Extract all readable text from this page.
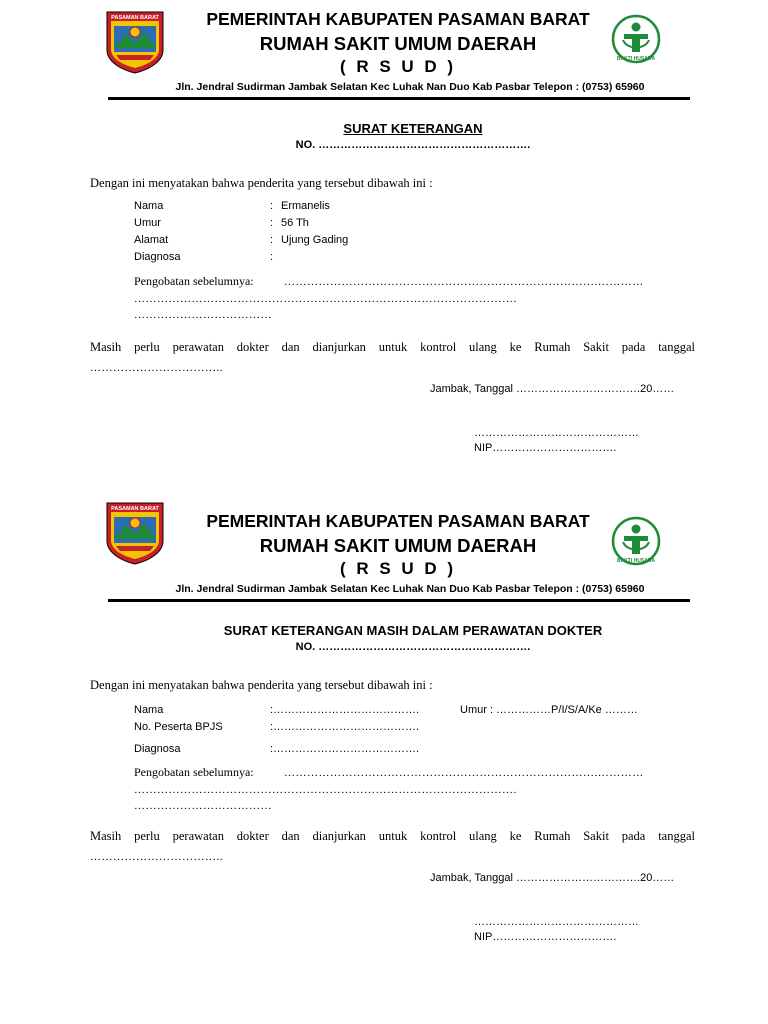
PASAMAN BARAT	PEMERINTAH KABUPATEN PASAMAN BARAT
RUMAH SAKIT UMUM DAERAH
( R S U D )	BAKTI HUSADA
Jln. Jendral Sudirman Jambak Selatan Kec Luhak Nan Duo Kab Pasbar Telepon : (0753) 65960
SURAT KETERANGAN
NO. ………………………………………………….
Dengan ini menyatakan bahwa penderita yang tersebut dibawah ini :
Nama	: Ermanelis
Umur	: 56 Th
Alamat	: Ujung Gading
Diagnosa	:
Pengobatan sebelumnya:	……………………………………………………………………….…………
……………………………………………………………………………………….
………………………………
Masih perlu perawatan dokter dan dianjurkan untuk kontrol ulang ke Rumah Sakit pada tanggal
……………………………..
Jambak, Tanggal …………………………….20……
………………………………………
NIP…………………………….
PASAMAN BARAT
PEMERINTAH KABUPATEN PASAMAN BARAT
RUMAH SAKIT UMUM DAERAH
( R S U D )	BAKTI HUSADA
Jln. Jendral Sudirman Jambak Selatan Kec Luhak Nan Duo Kab Pasbar Telepon : (0753) 65960
SURAT KETERANGAN MASIH DALAM PERAWATAN DOKTER
NO. ………………………………………………….
Dengan ini menyatakan bahwa penderita yang tersebut dibawah ini :
Nama	:………………………………….	Umur : ……………P/I/S/A/Ke ………
No. Peserta BPJS	:………………………………….
Diagnosa	:………………………………….
Pengobatan sebelumnya:	……………………………………………………………………….…………
……………………………………………………………………………………….
………………………………
Masih perlu perawatan dokter dan dianjurkan untuk kontrol ulang ke Rumah Sakit pada tanggal
……………………………..
Jambak, Tanggal …………………………….20……
………………………………………
NIP…………………………….
